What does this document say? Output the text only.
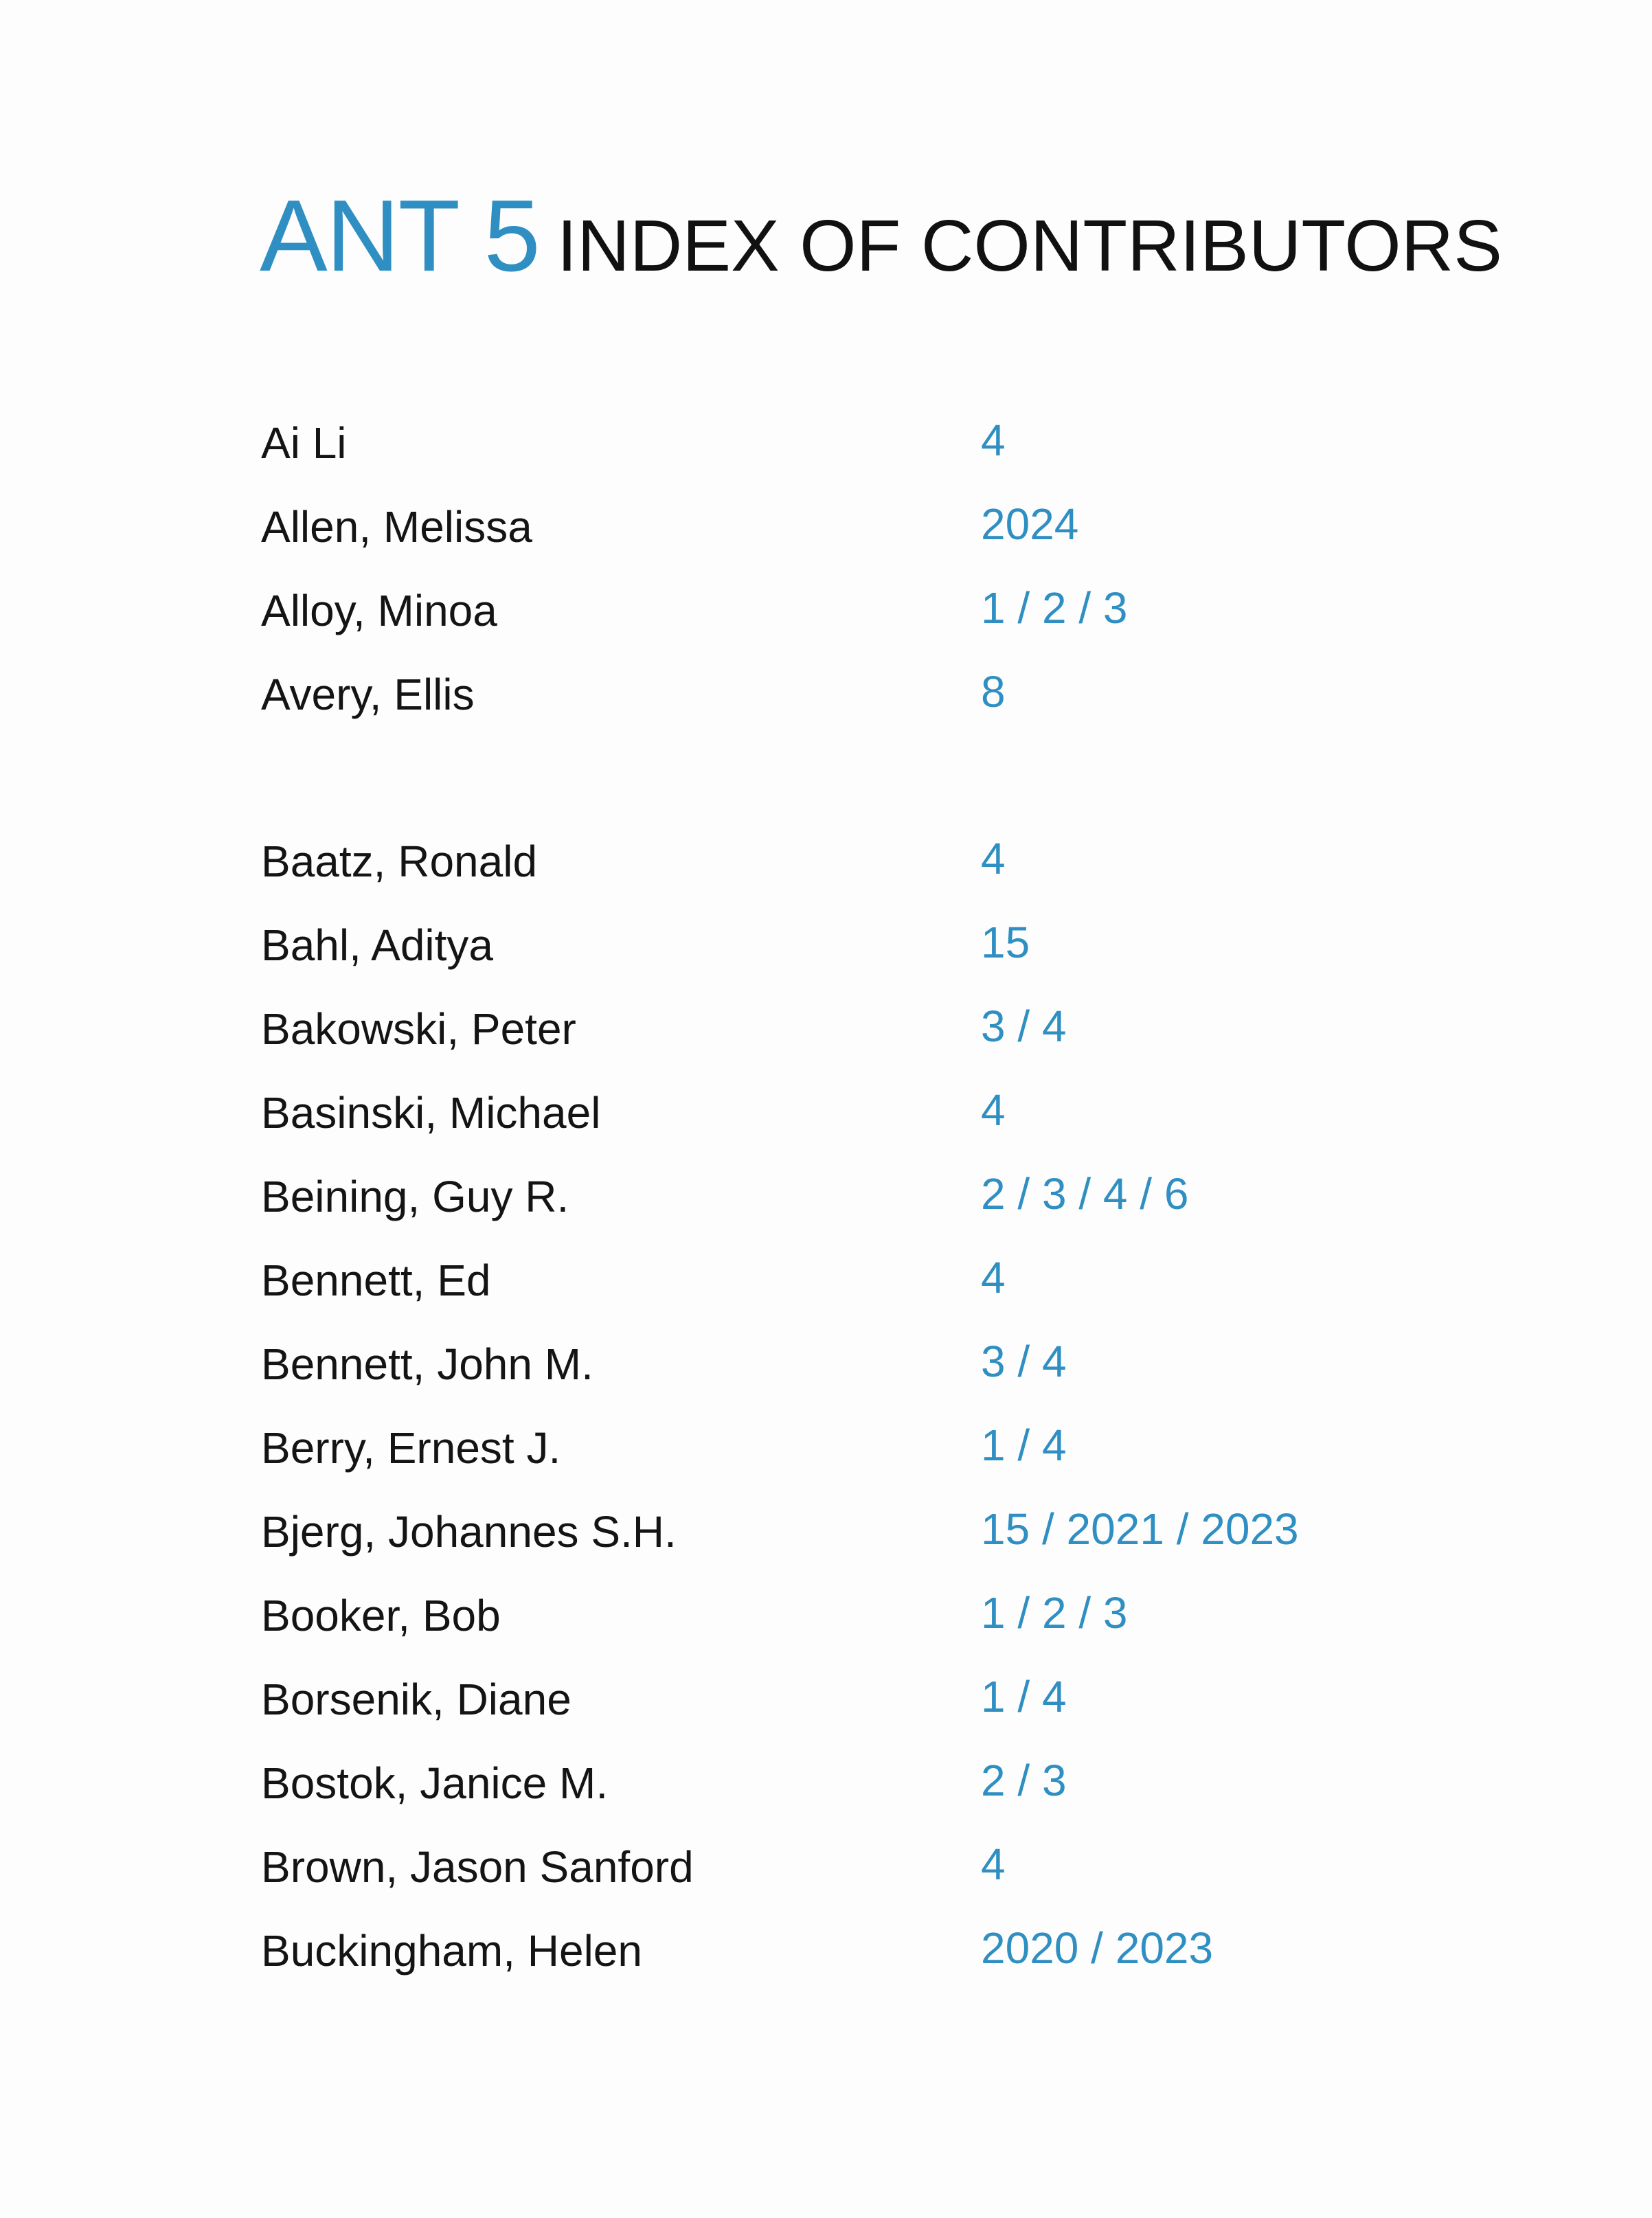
ANT 5 INDEX OF CONTRIBUTORS
Ai Li	4
Allen, Melissa	2024
Alloy, Minoa	1 / 2 / 3
Avery, Ellis	8
Baatz, Ronald	4
Bahl, Aditya	15
Bakowski, Peter	3 / 4
Basinski, Michael	4
Beining, Guy R.	2 / 3 / 4 / 6
Bennett, Ed	4
Bennett, John M.	3 / 4
Berry, Ernest J.	1 / 4
Bjerg, Johannes S.H.	15 / 2021 / 2023
Booker, Bob	1 / 2 / 3
Borsenik, Diane	1 / 4
Bostok, Janice M.	2 / 3
Brown, Jason Sanford	4
Buckingham, Helen	2020 / 2023
